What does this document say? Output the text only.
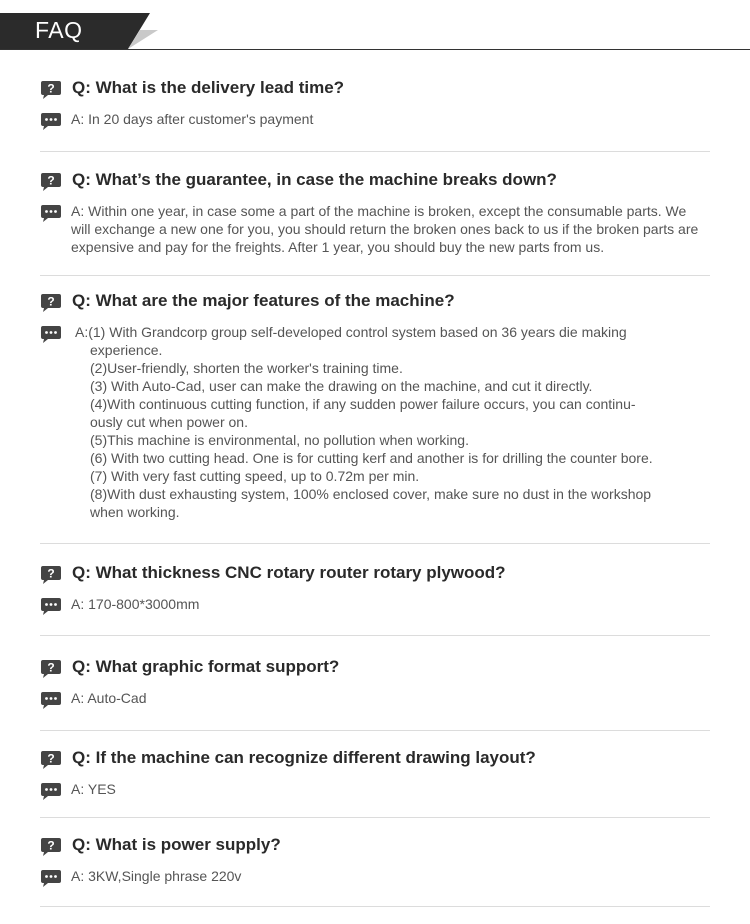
FAQ
? Q: What is the delivery lead time?
A: In 20 days after customer's payment
? Q: What’s the guarantee, in case the machine breaks down?
A: Within one year, in case some a part of the machine is broken, except the consumable parts. We
will exchange a new one for you, you should return the broken ones back to us if the broken parts are
expensive and pay for the freights. After 1 year, you should buy the new parts from us.
? Q: What are the major features of the machine?
A:(1) With Grandcorp group self-developed control system based on 36 years die making
experience.
(2)User-friendly, shorten the worker's training time.
(3) With Auto-Cad, user can make the drawing on the machine, and cut it directly.
(4)With continuous cutting function, if any sudden power failure occurs, you can continu-
ously cut when power on.
(5)This machine is environmental, no pollution when working.
(6) With two cutting head. One is for cutting kerf and another is for drilling the counter bore.
(7) With very fast cutting speed, up to 0.72m per min.
(8)With dust exhausting system, 100% enclosed cover, make sure no dust in the workshop
when working.
? Q: What thickness CNC rotary router rotary plywood?
A: 170-800*3000mm
? Q: What graphic format support?
A: Auto-Cad
? Q: If the machine can recognize different drawing layout?
A: YES
? Q: What is power supply?
A: 3KW,Single phrase 220v
